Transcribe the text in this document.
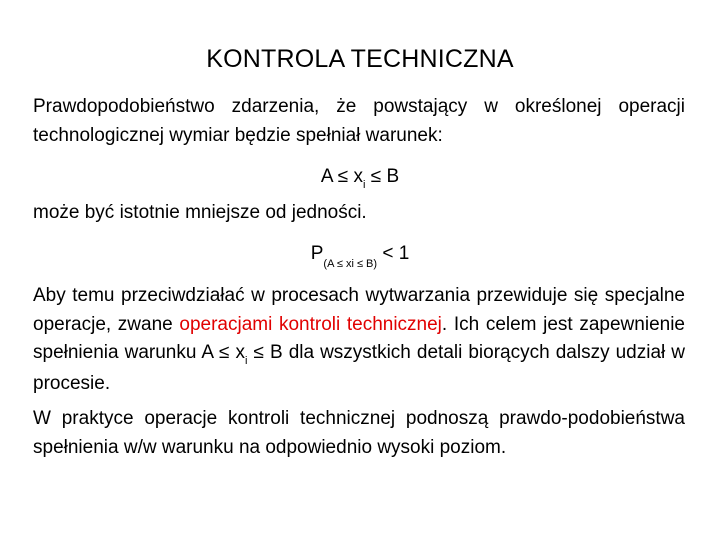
KONTROLA TECHNICZNA
Prawdopodobieństwo zdarzenia, że powstający w określonej operacji technologicznej wymiar będzie spełniał warunek:
$A \le x_i \le B$
może być istotnie mniejsze od jedności.
$P_{(A \le xi \le B)} < 1$
Aby temu przeciwdziałać w procesach wytwarzania przewiduje się specjalne operacje, zwane operacjami kontroli technicznej. Ich celem jest zapewnienie spełnienia warunku $A \le x_i \le B$ dla wszystkich detali biorących dalszy udział w procesie.
W praktyce operacje kontroli technicznej podnoszą prawdo-podobieństwa spełnienia w/w warunku na odpowiednio wysoki poziom.
